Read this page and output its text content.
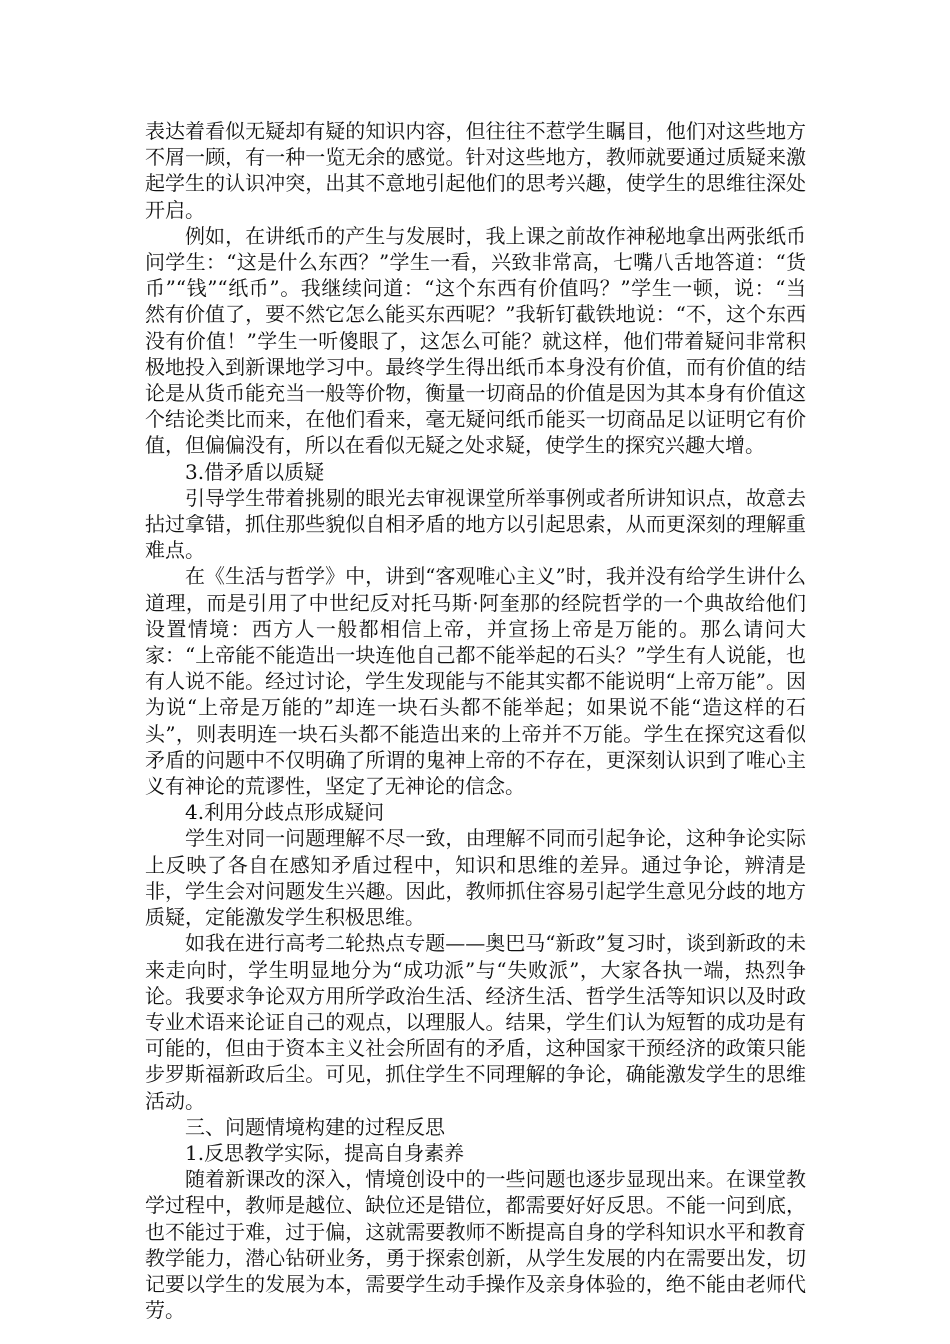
表达着看似无疑却有疑的知识内容，但往往不惹学生瞩目，他们对这些地方不屑一顾，有一种一览无余的感觉。针对这些地方，教师就要通过质疑来激起学生的认识冲突，出其不意地引起他们的思考兴趣，使学生的思维往深处开启。

例如，在讲纸币的产生与发展时，我上课之前故作神秘地拿出两张纸币问学生：“这是什么东西？”学生一看，兴致非常高，七嘴八舌地答道：“货币”“钱”“纸币”。我继续问道：“这个东西有价值吗？”学生一顿，说：“当然有价值了，要不然它怎么能买东西呢？”我斩钉截铁地说：“不，这个东西没有价值！”学生一听傻眼了，这怎么可能？就这样，他们带着疑问非常积极地投入到新课地学习中。最终学生得出纸币本身没有价值，而有价值的结论是从货币能充当一般等价物，衡量一切商品的价值是因为其本身有价值这个结论类比而来，在他们看来，毫无疑问纸币能买一切商品足以证明它有价值，但偏偏没有，所以在看似无疑之处求疑，使学生的探究兴趣大增。

3.借矛盾以质疑

引导学生带着挑剔的眼光去审视课堂所举事例或者所讲知识点，故意去拈过拿错，抓住那些貌似自相矛盾的地方以引起思索，从而更深刻的理解重难点。

在《生活与哲学》中，讲到“客观唯心主义”时，我并没有给学生讲什么道理，而是引用了中世纪反对托马斯·阿奎那的经院哲学的一个典故给他们设置情境：西方人一般都相信上帝，并宣扬上帝是万能的。那么请问大家：“上帝能不能造出一块连他自己都不能举起的石头？”学生有人说能，也有人说不能。经过讨论，学生发现能与不能其实都不能说明“上帝万能”。因为说“上帝是万能的”却连一块石头都不能举起；如果说不能“造这样的石头”，则表明连一块石头都不能造出来的上帝并不万能。学生在探究这看似矛盾的问题中不仅明确了所谓的鬼神上帝的不存在，更深刻认识到了唯心主义有神论的荒谬性，坚定了无神论的信念。

4.利用分歧点形成疑问

学生对同一问题理解不尽一致，由理解不同而引起争论，这种争论实际上反映了各自在感知矛盾过程中，知识和思维的差异。通过争论，辨清是非，学生会对问题发生兴趣。因此，教师抓住容易引起学生意见分歧的地方质疑，定能激发学生积极思维。

如我在进行高考二轮热点专题——奥巴马“新政”复习时，谈到新政的未来走向时，学生明显地分为“成功派”与“失败派”，大家各执一端，热烈争论。我要求争论双方用所学政治生活、经济生活、哲学生活等知识以及时政专业术语来论证自己的观点，以理服人。结果，学生们认为短暂的成功是有可能的，但由于资本主义社会所固有的矛盾，这种国家干预经济的政策只能步罗斯福新政后尘。可见，抓住学生不同理解的争论，确能激发学生的思维活动。

三、问题情境构建的过程反思

1.反思教学实际，提高自身素养

随着新课改的深入，情境创设中的一些问题也逐步显现出来。在课堂教学过程中，教师是越位、缺位还是错位，都需要好好反思。不能一问到底，也不能过于难，过于偏，这就需要教师不断提高自身的学科知识水平和教育教学能力，潜心钻研业务，勇于探索创新，从学生发展的内在需要出发，切记要以学生的发展为本，需要学生动手操作及亲身体验的，绝不能由老师代劳。
